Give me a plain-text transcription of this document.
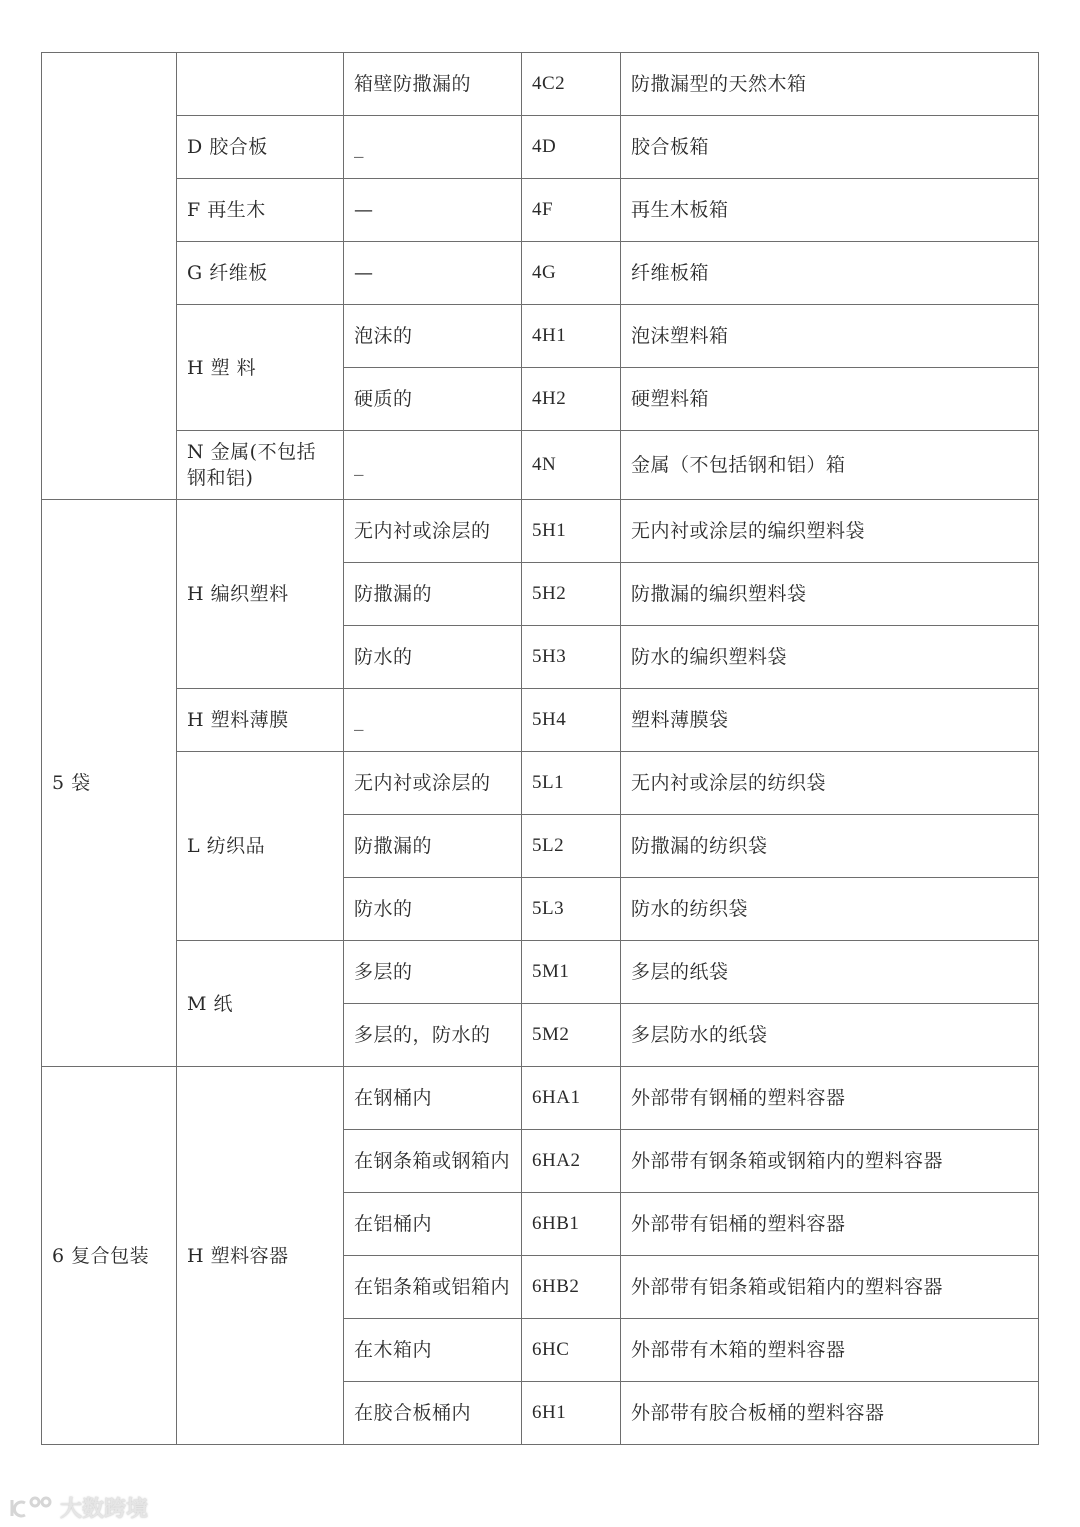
		箱壁防撒漏的	4C2	防撒漏型的天然木箱
	D 胶合板	_	4D	胶合板箱
	F 再生木	—	4F	再生木板箱
	G 纤维板	—	4G	纤维板箱
	H 塑 料	泡沫的	4H1	泡沫塑料箱
		硬质的	4H2	硬塑料箱
	N 金属(不包括钢和铝)	_	4N	金属（不包括钢和铝）箱
5 袋	H 编织塑料	无内衬或涂层的	5H1	无内衬或涂层的编织塑料袋
		防撒漏的	5H2	防撒漏的编织塑料袋
		防水的	5H3	防水的编织塑料袋
	H 塑料薄膜	_	5H4	塑料薄膜袋
	L 纺织品	无内衬或涂层的	5L1	无内衬或涂层的纺织袋
		防撒漏的	5L2	防撒漏的纺织袋
		防水的	5L3	防水的纺织袋
	M 纸	多层的	5M1	多层的纸袋
		多层的，防水的	5M2	多层防水的纸袋
6 复合包装	H 塑料容器	在钢桶内	6HA1	外部带有钢桶的塑料容器
		在钢条箱或钢箱内	6HA2	外部带有钢条箱或钢箱内的塑料容器
		在铝桶内	6HB1	外部带有铝桶的塑料容器
		在铝条箱或铝箱内	6HB2	外部带有铝条箱或铝箱内的塑料容器
		在木箱内	6HC	外部带有木箱的塑料容器
		在胶合板桶内	6H1	外部带有胶合板桶的塑料容器
大数跨境
